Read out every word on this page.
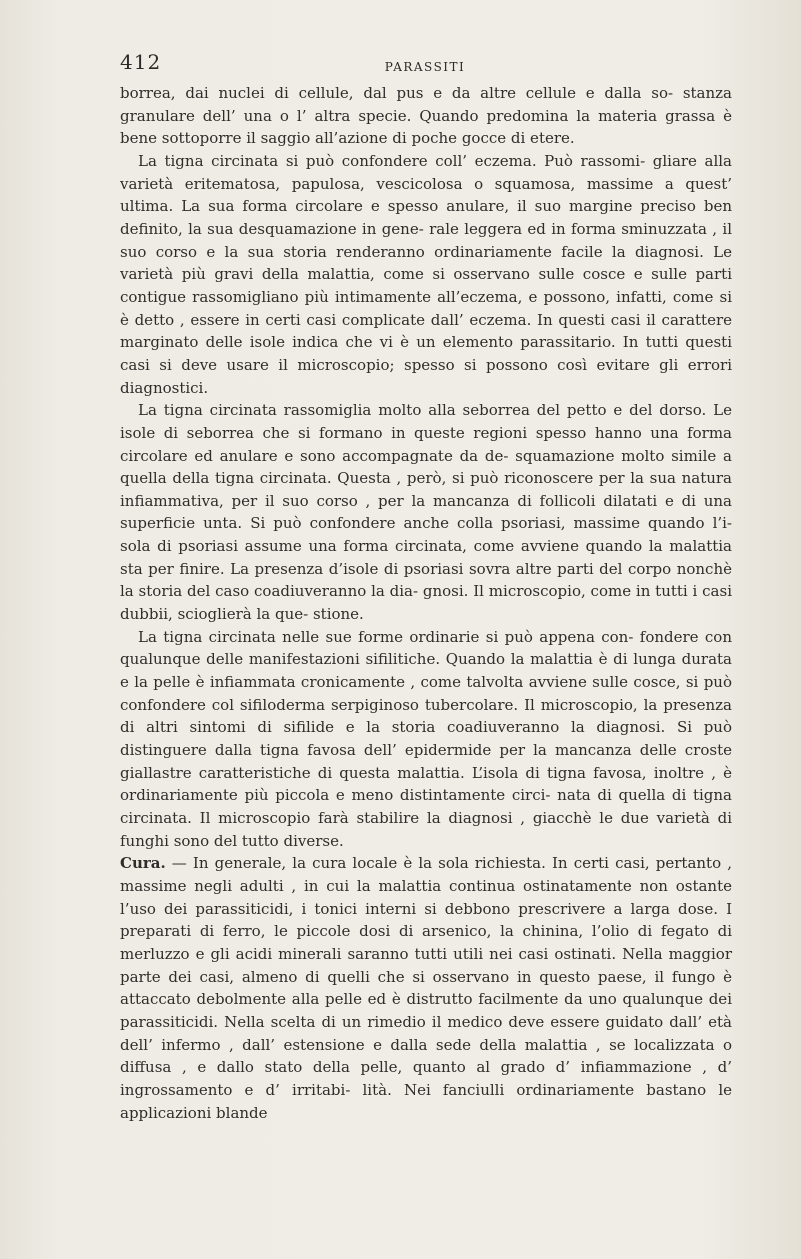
412	PARASSITI

borrea, dai nuclei di cellule, dal pus e da altre cellule e dalla so- stanza granulare dell’ una o l’ altra specie. Quando predomina la materia grassa è bene sottoporre il saggio all’azione di poche gocce di etere.

La tigna circinata si può confondere coll’ eczema. Può rassomi- gliare alla varietà eritematosa, papulosa, vescicolosa o squamosa, massime a quest’ ultima. La sua forma circolare e spesso anulare, il suo margine preciso ben definito, la sua desquamazione in gene- rale leggera ed in forma sminuzzata , il suo corso e la sua storia renderanno ordinariamente facile la diagnosi. Le varietà più gravi della malattia, come si osservano sulle cosce e sulle parti contigue rassomigliano più intimamente all’eczema, e possono, infatti, come si è detto , essere in certi casi complicate dall’ eczema. In questi casi il carattere marginato delle isole indica che vi è un elemento parassitario. In tutti questi casi si deve usare il microscopio; spesso si possono così evitare gli errori diagnostici.

La tigna circinata rassomiglia molto alla seborrea del petto e del dorso. Le isole di seborrea che si formano in queste regioni spesso hanno una forma circolare ed anulare e sono accompagnate da de- squamazione molto simile a quella della tigna circinata. Questa , però, si può riconoscere per la sua natura infiammativa, per il suo corso , per la mancanza di follicoli dilatati e di una superficie unta. Si può confondere anche colla psoriasi, massime quando l’i- sola di psoriasi assume una forma circinata, come avviene quando la malattia sta per finire. La presenza d’isole di psoriasi sovra altre parti del corpo nonchè la storia del caso coadiuveranno la dia- gnosi. Il microscopio, come in tutti i casi dubbii, scioglierà la que- stione.

La tigna circinata nelle sue forme ordinarie si può appena con- fondere con qualunque delle manifestazioni sifilitiche. Quando la malattia è di lunga durata e la pelle è infiammata cronicamente , come talvolta avviene sulle cosce, si può confondere col sifiloderma serpiginoso tubercolare. Il microscopio, la presenza di altri sintomi di sifilide e la storia coadiuveranno la diagnosi. Si può distinguere dalla tigna favosa dell’ epidermide per la mancanza delle croste giallastre caratteristiche di questa malattia. L’isola di tigna favosa, inoltre , è ordinariamente più piccola e meno distintamente circi- nata di quella di tigna circinata. Il microscopio farà stabilire la diagnosi , giacchè le due varietà di funghi sono del tutto diverse.

Cura. — In generale, la cura locale è la sola richiesta. In certi casi, pertanto , massime negli adulti , in cui la malattia continua ostinatamente non ostante l’uso dei parassiticidi, i tonici interni si debbono prescrivere a larga dose. I preparati di ferro, le piccole dosi di arsenico, la chinina, l’olio di fegato di merluzzo e gli acidi minerali saranno tutti utili nei casi ostinati. Nella maggior parte dei casi, almeno di quelli che si osservano in questo paese, il fungo è attaccato debolmente alla pelle ed è distrutto facilmente da uno qualunque dei parassiticidi. Nella scelta di un rimedio il medico deve essere guidato dall’ età dell’ infermo , dall’ estensione e dalla sede della malattia , se localizzata o diffusa , e dallo stato della pelle, quanto al grado d’ infiammazione , d’ ingrossamento e d’ irritabi- lità. Nei fanciulli ordinariamente bastano le applicazioni blande
